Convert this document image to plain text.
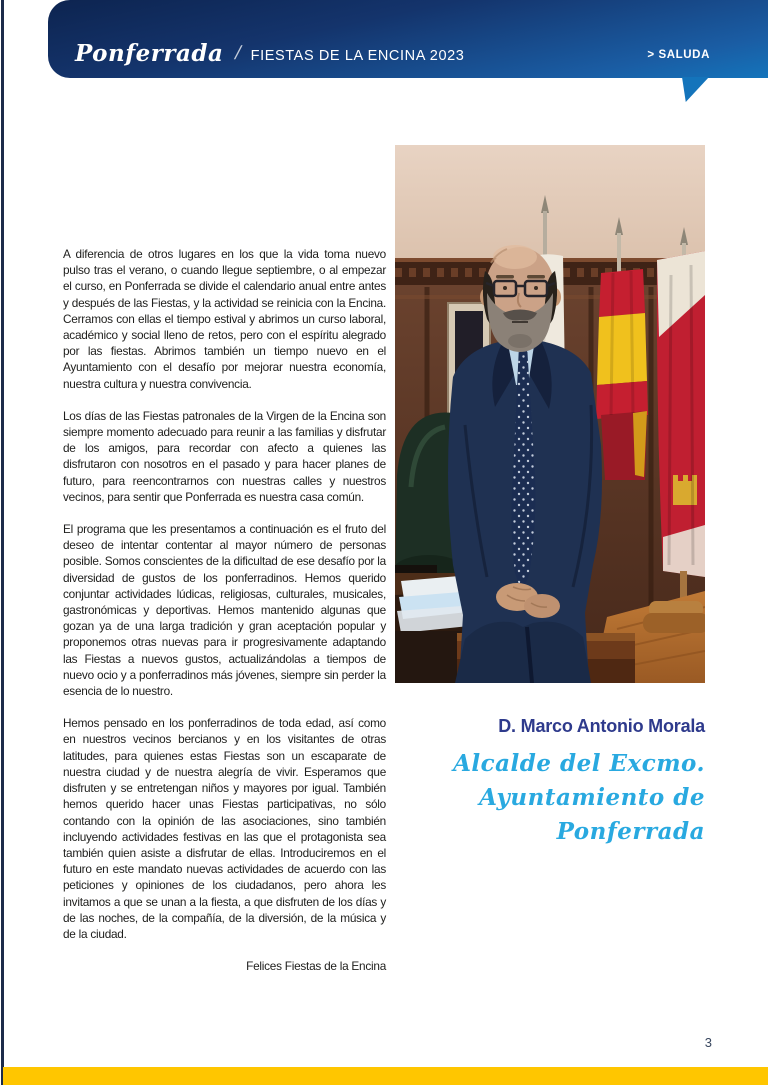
Ponferrada / FIESTAS DE LA ENCINA 2023	> SALUDA

A diferencia de otros lugares en los que la vida toma nuevo pulso tras el verano, o cuando llegue septiembre, o al empezar el curso, en Ponferrada se divide el calendario anual entre antes y después de las Fiestas, y la actividad se reinicia con la Encina. Cerramos con ellas el tiempo estival y abrimos un curso laboral, académico y social lleno de retos, pero con el espíritu alegrado por las fiestas. Abrimos también un tiempo nuevo en el Ayuntamiento con el desafío por mejorar nuestra economía, nuestra cultura y nuestra convivencia.

Los días de las Fiestas patronales de la Virgen de la Encina son siempre momento adecuado para reunir a las familias y disfrutar de los amigos, para recordar con afecto a quienes las disfrutaron con nosotros en el pasado y para hacer planes de futuro, para reencontrarnos con nuestras calles y nuestros vecinos, para sentir que Ponferrada es nuestra casa común.

El programa que les presentamos a continuación es el fruto del deseo de intentar contentar al mayor número de personas posible. Somos conscientes de la dificultad de ese desafío por la diversidad de gustos de los ponferradinos. Hemos querido conjuntar actividades lúdicas, religiosas, culturales, musicales, gastronómicas y deportivas. Hemos mantenido algunas que gozan ya de una larga tradición y gran aceptación popular y proponemos otras nuevas para ir progresivamente adaptando las Fiestas a nuevos gustos, actualizándolas a tiempos de nuevo ocio y a ponferradinos más jóvenes, siempre sin perder la esencia de lo nuestro.

Hemos pensado en los ponferradinos de toda edad, así como en nuestros vecinos bercianos y en los visitantes de otras latitudes, para quienes estas Fiestas son un escaparate de nuestra ciudad y de nuestra alegría de vivir. Esperamos que disfruten y se entretengan niños y mayores por igual. También hemos querido hacer unas Fiestas participativas, no sólo contando con la opinión de las asociaciones, sino también incluyendo actividades festivas en las que el protagonista sea también quien asiste a disfrutar de ellas. Introduciremos en el futuro en este mandato nuevas actividades de acuerdo con las peticiones y opiniones de los ciudadanos, pero ahora les invitamos a que se unan a la fiesta, a que disfruten de los días y de las noches, de la compañía, de la diversión, de la música y de la ciudad.

Felices Fiestas de la Encina

D. Marco Antonio Morala
Alcalde del Excmo.
Ayuntamiento de
Ponferrada
3
